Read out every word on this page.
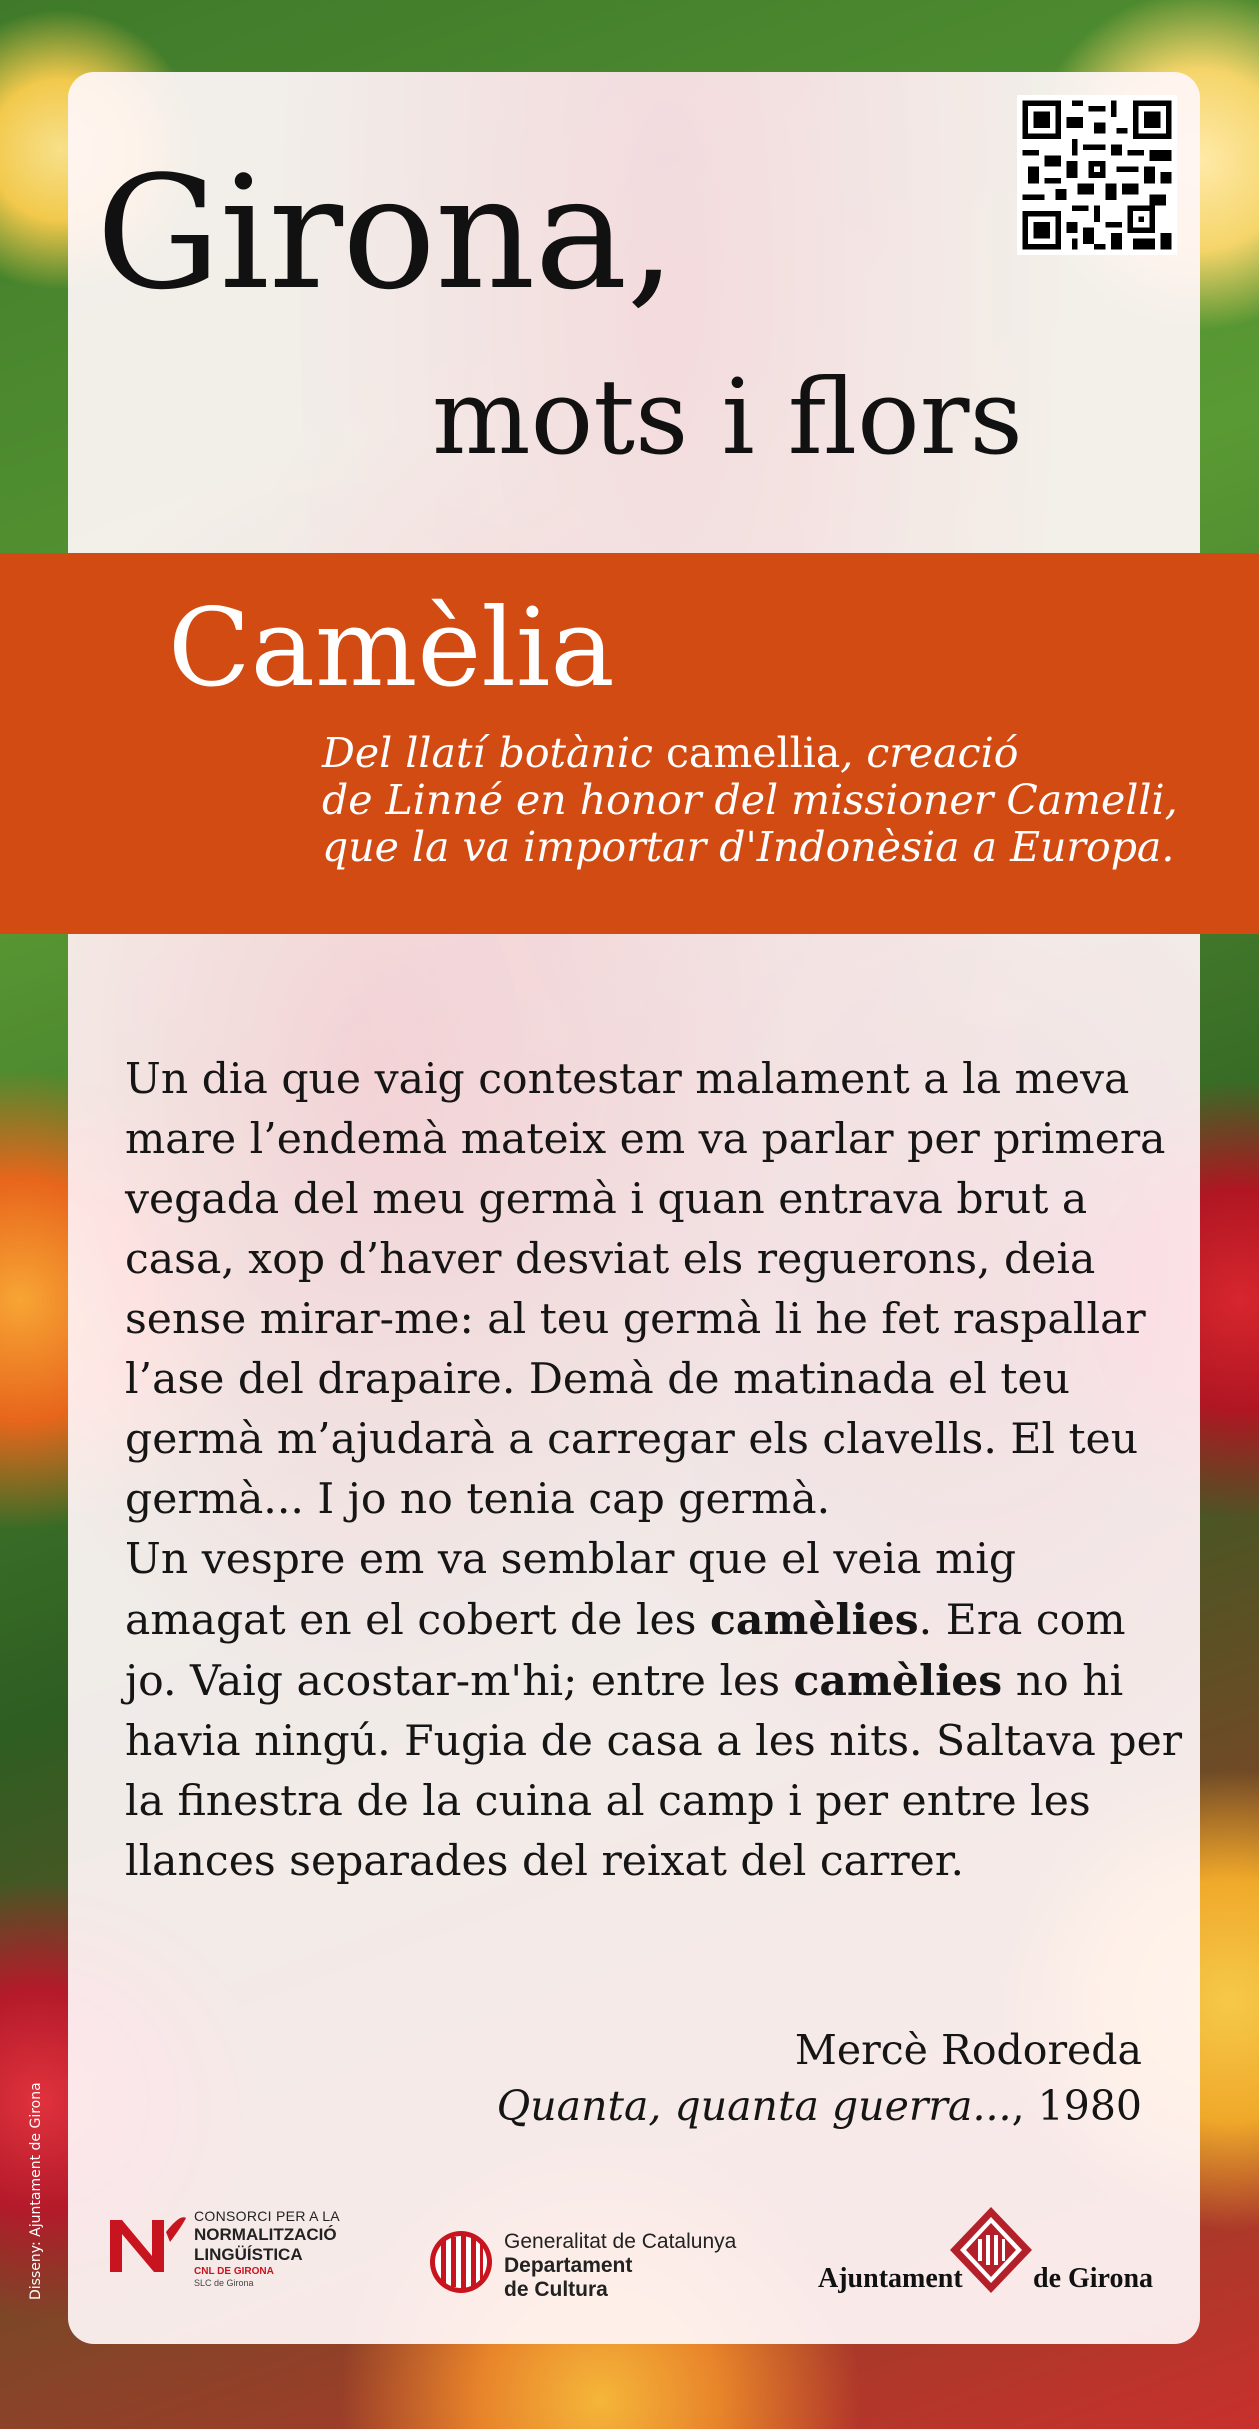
Girona,
mots i flors
Camèlia
Del llatí botànic camellia, creació
de Linné en honor del missioner Camelli,
que la va importar d'Indonèsia a Europa.

Un dia que vaig contestar malament a la meva mare l’endemà mateix em va parlar per primera vegada del meu germà i quan entrava brut a casa, xop d’haver desviat els reguerons, deia sense mirar-me: al teu germà li he fet raspallar l’ase del drapaire. Demà de matinada el teu germà m’ajudarà a carregar els clavells. El teu germà... I jo no tenia cap germà.

Un vespre em va semblar que el veia mig amagat en el cobert de les camèlies. Era com jo. Vaig acostar-m'hi; entre les camèlies no hi havia ningú. Fugia de casa a les nits. Saltava per la finestra de la cuina al camp i per entre les llances separades del reixat del carrer.

Mercè Rodoreda
Quanta, quanta guerra..., 1980
Disseny: Ajuntament de Girona	CONSORCI PER A LA
NORMALITZACIÓ
LINGÜÍSTICA
CNL DE GIRONA
SLC de Girona
Generalitat de Catalunya
Departament
de Cultura	Ajuntament	de Girona
